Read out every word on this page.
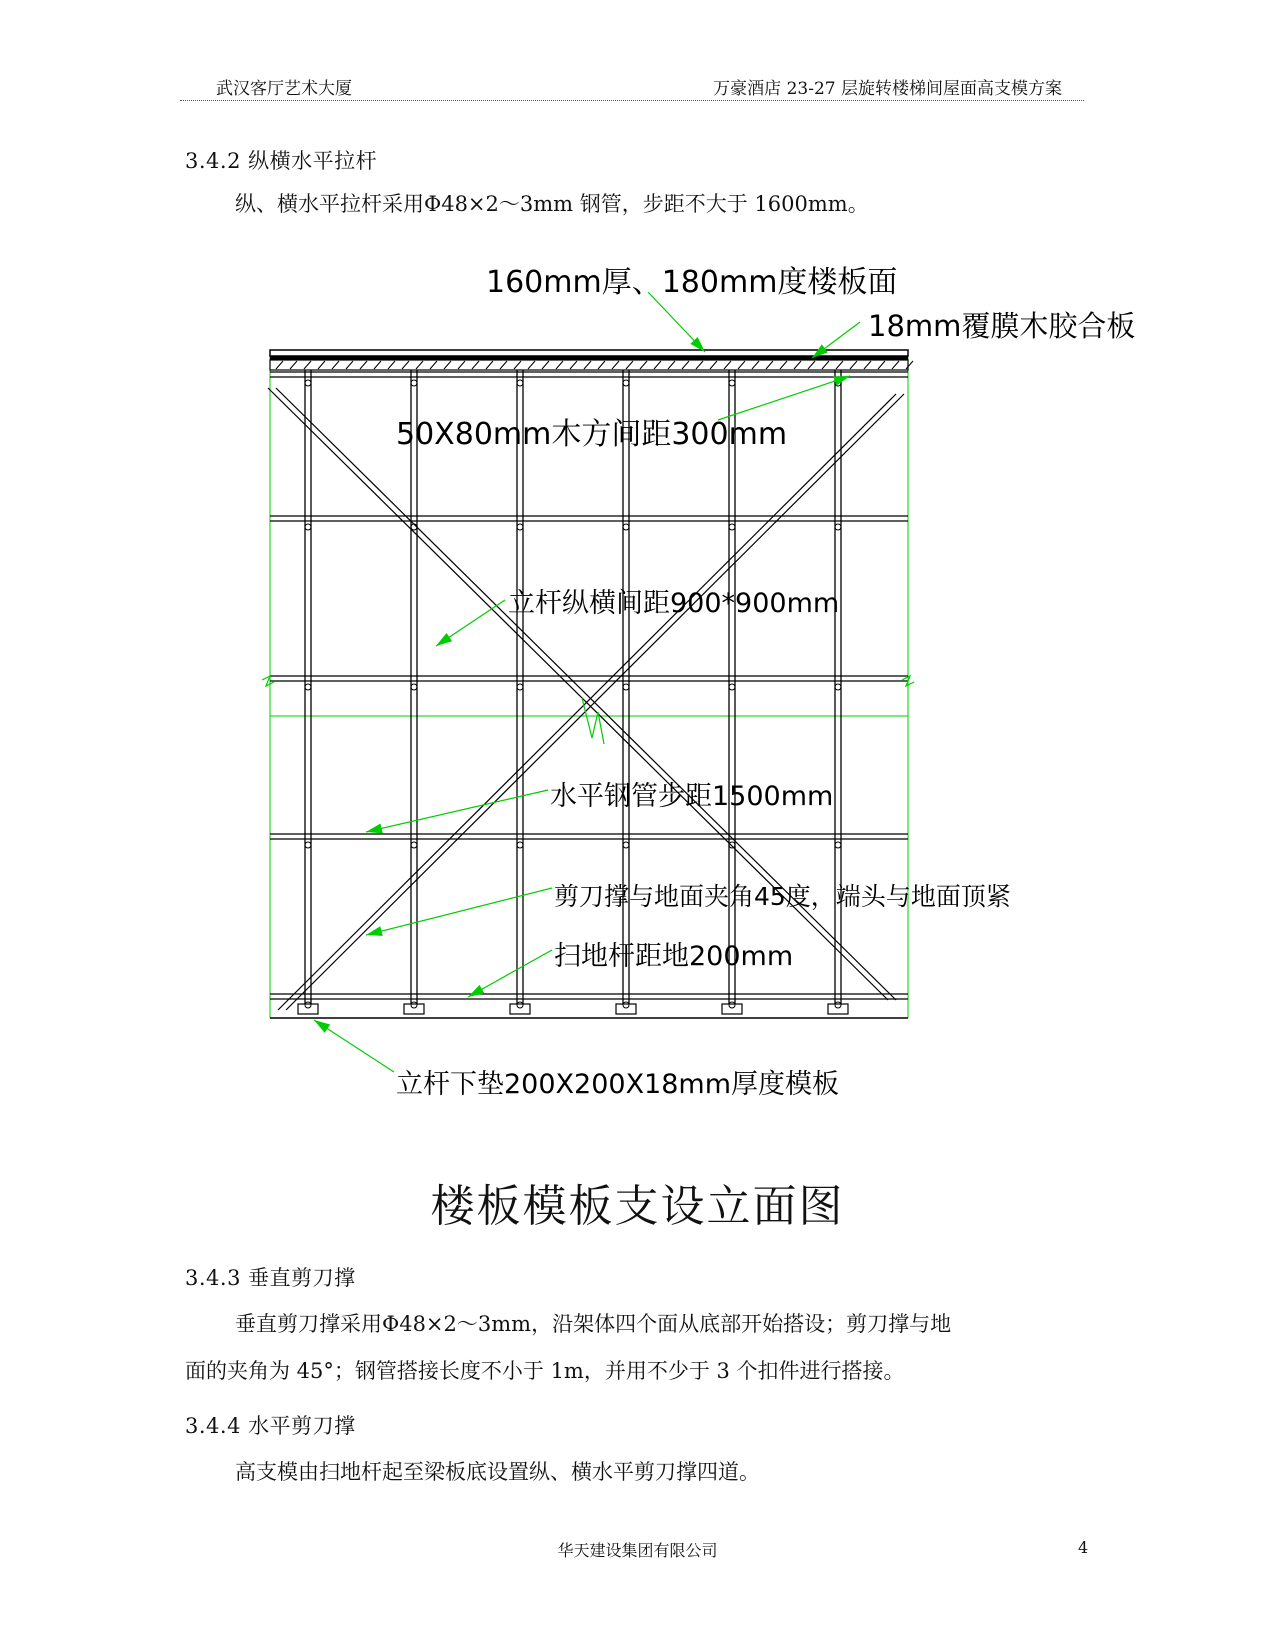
武汉客厅艺术大厦	万豪酒店 23-27 层旋转楼梯间屋面高支模方案
3.4.2 纵横水平拉杆
纵、横水平拉杆采用Φ48×2～3mm 钢管，步距不大于 1600mm。
160mm厚、180mm度楼板面
18mm覆膜木胶合板
50X80mm木方间距300mm
立杆纵横间距900*900mm
水平钢管步距1500mm
剪刀撑与地面夹角45度，端头与地面顶紧
扫地杆距地200mm
立杆下垫200X200X18mm厚度模板
楼板模板支设立面图
3.4.3 垂直剪刀撑
垂直剪刀撑采用Φ48×2～3mm，沿架体四个面从底部开始搭设；剪刀撑与地
面的夹角为 45°；钢管搭接长度不小于 1m，并用不少于 3 个扣件进行搭接。
3.4.4 水平剪刀撑
高支模由扫地杆起至梁板底设置纵、横水平剪刀撑四道。
华天建设集团有限公司	4
